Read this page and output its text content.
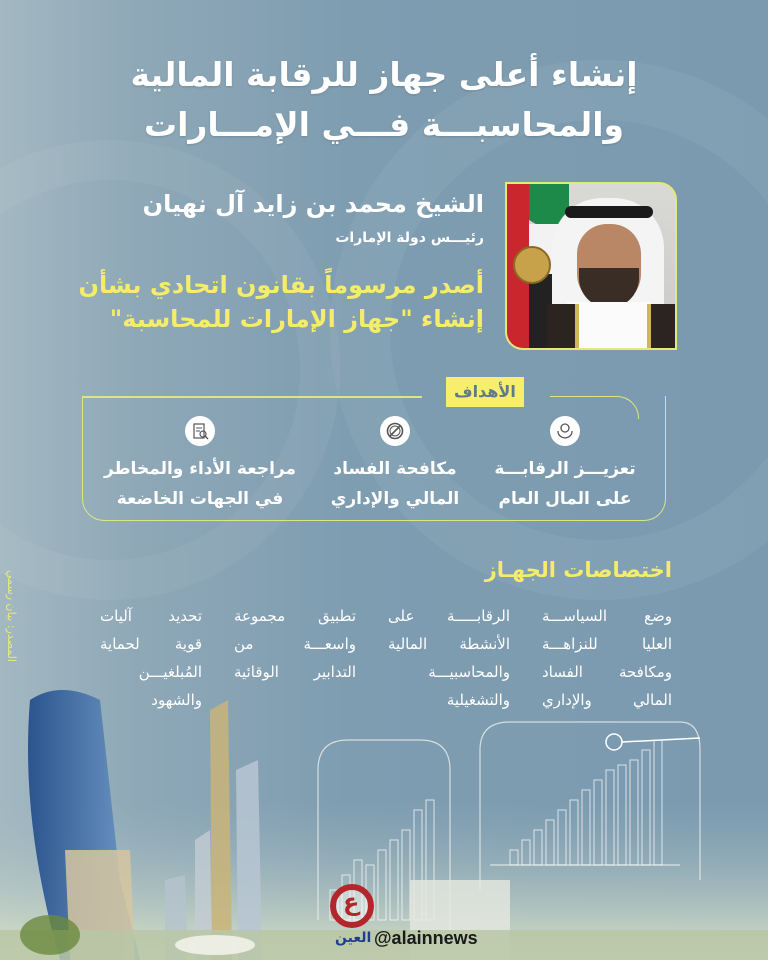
إنشاء أعلى جهاز للرقابة المالية
والمحاسبـــة فـــي الإمـــارات
الشيخ محمد بن زايد آل نهيان
رئيـــس دولة الإمارات
أصدر مرسوماً بقانون اتحادي بشأن
إنشاء "جهاز الإمارات للمحاسبة"
الأهداف
تعزيـــز الرقابـــة
على المال العام
مكافحة الفساد
المالي والإداري
مراجعة الأداء والمخاطر
في الجهات الخاضعة
اختصاصات الجهـاز
وضع السياســـة
العليا للنزاهـــة
ومكافحة الفساد
المالي والإداري
الرقابـــــة على
الأنشطة المالية
والمحاسبيـــة
والتشغيلية
تطبيق مجموعة
واسعـــة من
التدابير الوقائية
تحديد آليات
قوية لحماية
المُبلغيـــن
والشهود
المصدر: بيان رسمي
ع
العين @alainnews
